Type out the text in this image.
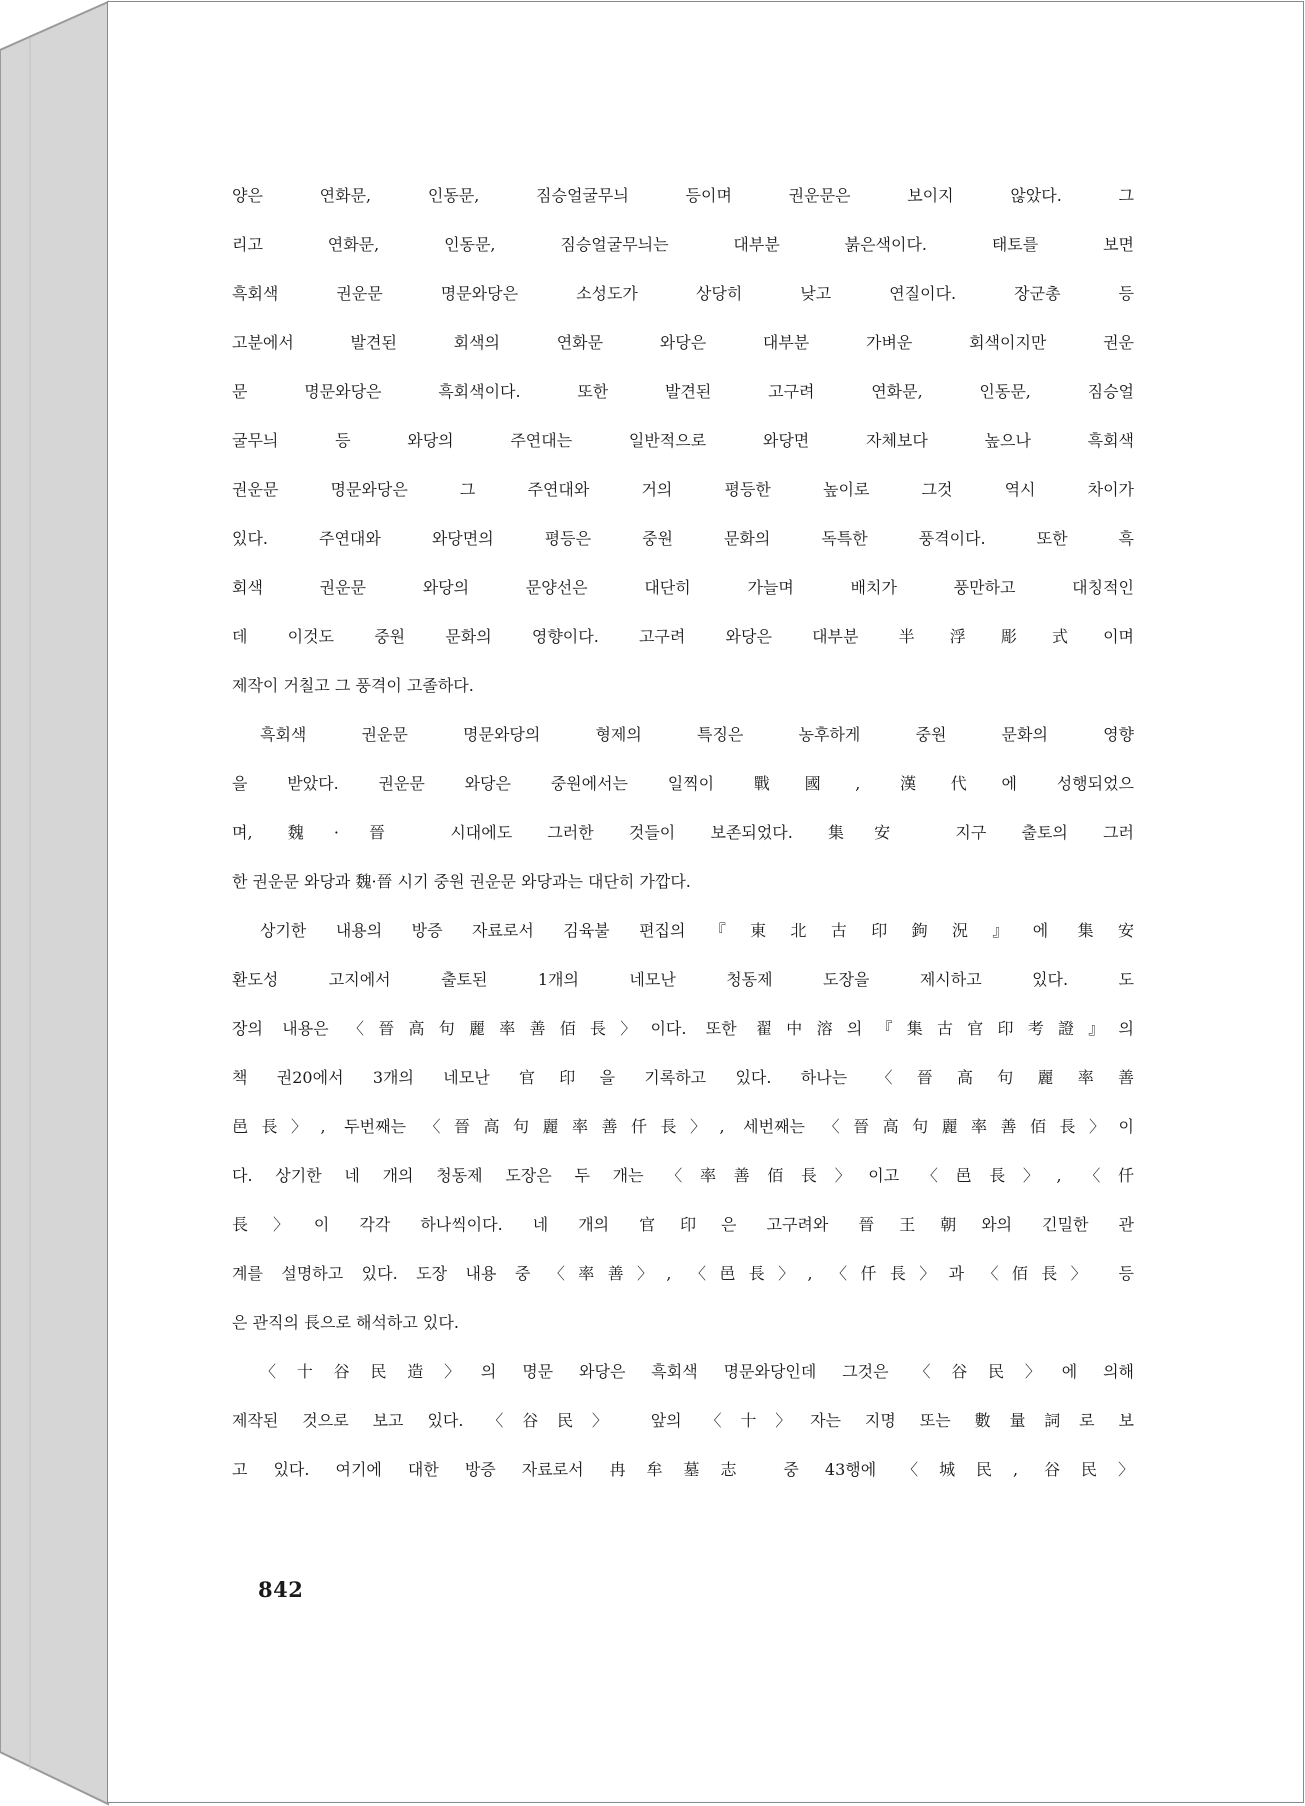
양은 연화문, 인동문, 짐승얼굴무늬 등이며 권운문은 보이지 않았다. 그
리고 연화문, 인동문, 짐승얼굴무늬는 대부분 붉은색이다. 태토를 보면
흑회색 권운문 명문와당은 소성도가 상당히 낮고 연질이다. 장군총 등
고분에서 발견된 회색의 연화문 와당은 대부분 가벼운 회색이지만 권운
문 명문와당은 흑회색이다. 또한 발견된 고구려 연화문, 인동문, 짐승얼
굴무늬 등 와당의 주연대는 일반적으로 와당면 자체보다 높으나 흑회색
권운문 명문와당은 그 주연대와 거의 평등한 높이로 그것 역시 차이가
있다. 주연대와 와당면의 평등은 중원 문화의 독특한 풍격이다. 또한 흑
회색 권운문 와당의 문양선은 대단히 가늘며 배치가 풍만하고 대칭적인
데 이것도 중원 문화의 영향이다. 고구려 와당은 대부분 半浮彫式이며
제작이 거칠고 그 풍격이 고졸하다.
흑회색 권운문 명문와당의 형제의 특징은 농후하게 중원 문화의 영향
을 받았다. 권운문 와당은 중원에서는 일찍이 戰國, 漢代에 성행되었으
며, 魏·晉 시대에도 그러한 것들이 보존되었다. 集安 지구 출토의 그러
한 권운문 와당과 魏·晉 시기 중원 권운문 와당과는 대단히 가깝다.
상기한 내용의 방증 자료로서 김육불 편집의『東北古印鉤況』에 集安
환도성 고지에서 출토된 1개의 네모난 청동제 도장을 제시하고 있다. 도
장의 내용은 〈晉高句麗率善佰長〉이다. 또한 翟中溶의『集古官印考證』의
책 권20에서 3개의 네모난 官印을 기록하고 있다. 하나는 〈晉高句麗率善
邑長〉, 두번째는 〈晉高句麗率善仟長〉, 세번째는 〈晉高句麗率善佰長〉이
다. 상기한 네 개의 청동제 도장은 두 개는 〈率善佰長〉이고 〈邑長〉, 〈仟
長〉이 각각 하나씩이다. 네 개의 官印은 고구려와 晉王朝와의 긴밀한 관
계를 설명하고 있다. 도장 내용 중 〈率善〉, 〈邑長〉, 〈仟長〉과 〈佰長〉 등
은 관직의 長으로 해석하고 있다.
〈十谷民造〉의 명문 와당은 흑회색 명문와당인데 그것은 〈谷民〉에 의해
제작된 것으로 보고 있다. 〈谷民〉 앞의 〈十〉자는 지명 또는 數量詞로 보
고 있다. 여기에 대한 방증 자료로서 冉牟墓志 중 43행에 〈城民, 谷民〉
842
